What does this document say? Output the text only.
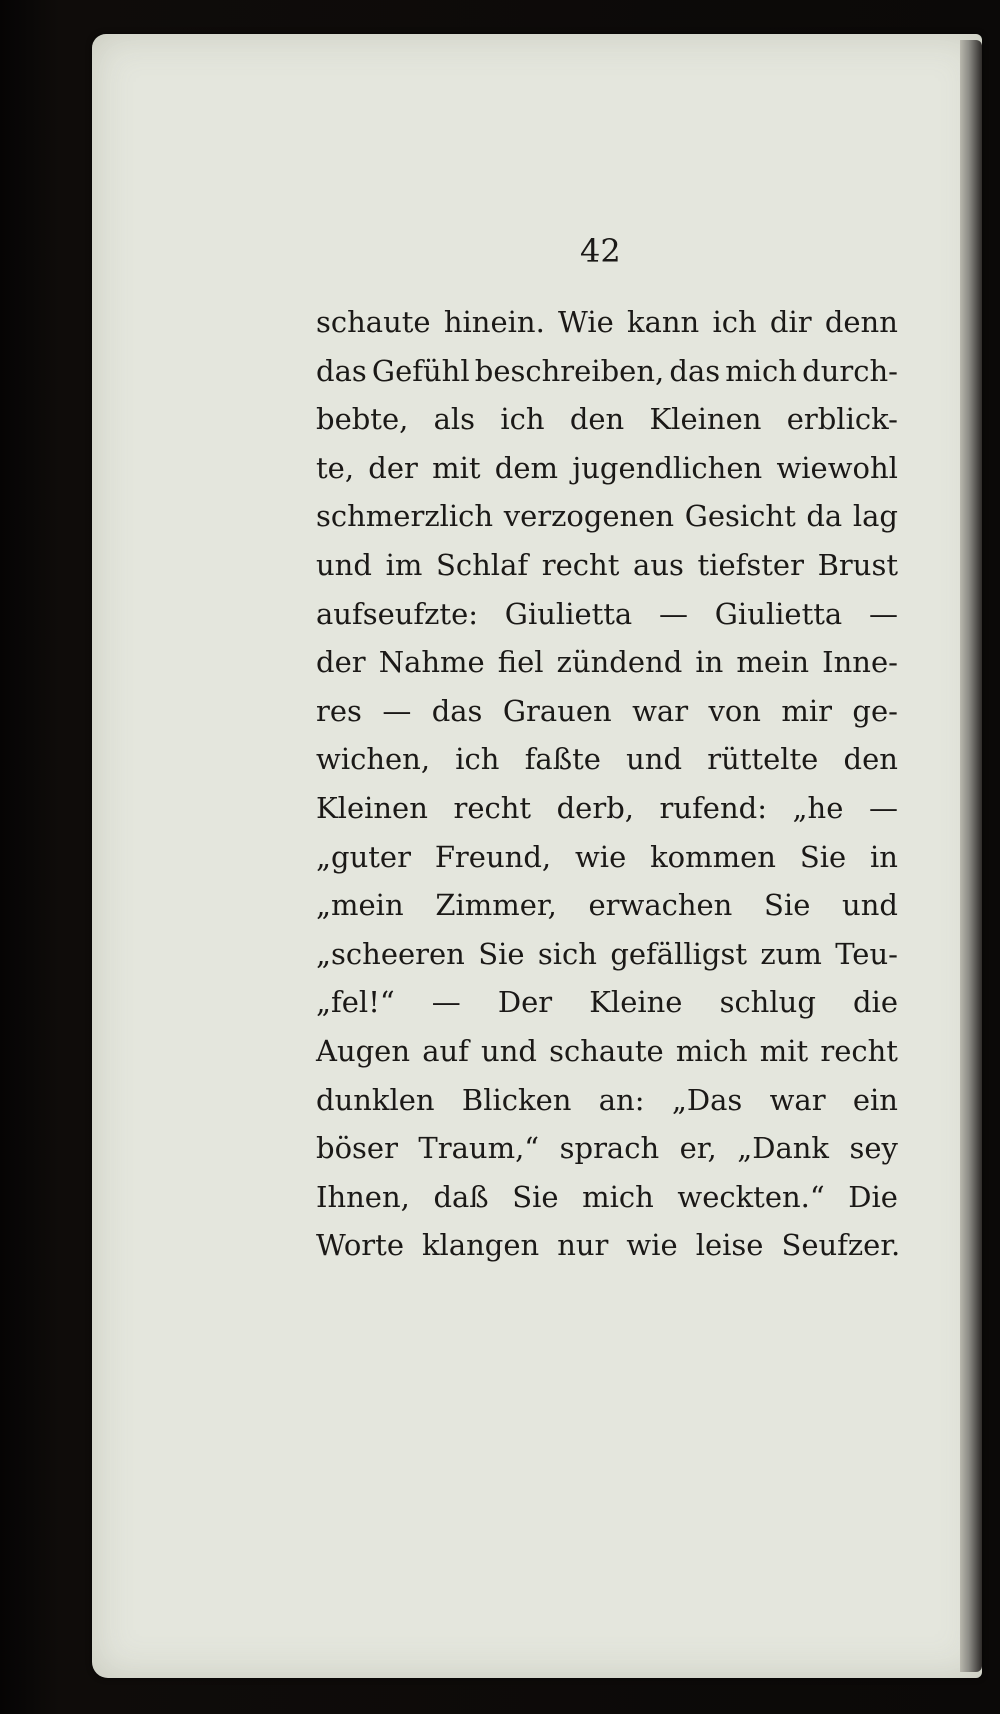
42
schaute hinein. Wie kann ich dir denn
das Gefühl beschreiben, das mich durch-
bebte, als ich den Kleinen erblick-
te, der mit dem jugendlichen wiewohl
schmerzlich verzogenen Gesicht da lag
und im Schlaf recht aus tiefster Brust
aufseufzte: Giulietta — Giulietta —
der Nahme fiel zündend in mein Inne-
res — das Grauen war von mir ge-
wichen, ich faßte und rüttelte den
Kleinen recht derb, rufend: „he —
„guter Freund, wie kommen Sie in
„mein Zimmer, erwachen Sie und
„scheeren Sie sich gefälligst zum Teu-
„fel!“ — Der Kleine schlug die
Augen auf und schaute mich mit recht
dunklen Blicken an: „Das war ein
böser Traum,“ sprach er, „Dank sey
Ihnen, daß Sie mich weckten.“ Die
Worte klangen nur wie leise Seufzer.
